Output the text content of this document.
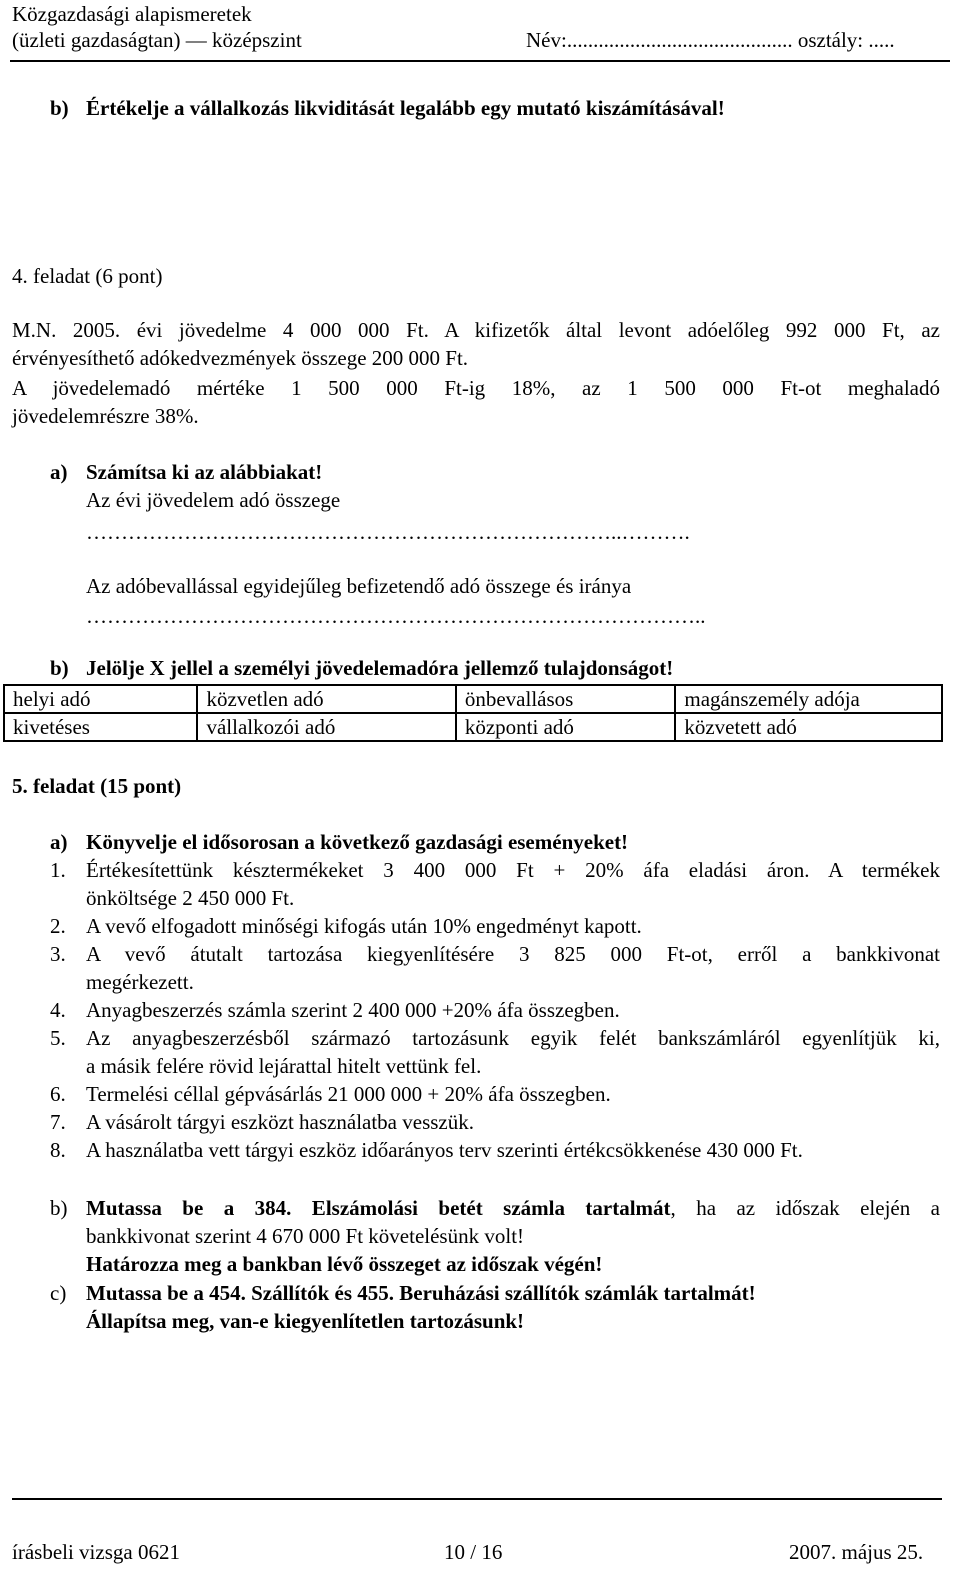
Közgazdasági alapismeretek
(üzleti gazdaságtan) — középszint	Név:........................................... osztály: .....
b) Értékelje a vállalkozás likviditását legalább egy mutató kiszámításával!
4. feladat (6 pont)
M.N. 2005. évi jövedelme 4 000 000 Ft. A kifizetők által levont adóelőleg 992 000 Ft, az
érvényesíthető adókedvezmények összege 200 000 Ft.
A jövedelemadó mértéke 1 500 000 Ft-ig 18%, az 1 500 000 Ft-ot meghaladó
jövedelemrészre 38%.
a) Számítsa ki az alábbiakat!
Az évi jövedelem adó összege
…………………………………………………………………..……….
Az adóbevallással egyidejűleg befizetendő adó összege és iránya
……………………………………………………………………………..
b) Jelölje X jellel a személyi jövedelemadóra jellemző tulajdonságot!
helyi adó	közvetlen adó	önbevallásos	magánszemély adója
kivetéses	vállalkozói adó	központi adó	közvetett adó
5. feladat (15 pont)
a) Könyvelje el idősorosan a következő gazdasági eseményeket!
1. Értékesítettünk késztermékeket 3 400 000 Ft + 20% áfa eladási áron. A termékek
önköltsége 2 450 000 Ft.
2. A vevő elfogadott minőségi kifogás után 10% engedményt kapott.
3. A vevő átutalt tartozása kiegyenlítésére 3 825 000 Ft-ot, erről a bankkivonat
megérkezett.
4. Anyagbeszerzés számla szerint 2 400 000 +20% áfa összegben.
5. Az anyagbeszerzésből származó tartozásunk egyik felét bankszámláról egyenlítjük ki,
a másik felére rövid lejárattal hitelt vettünk fel.
6. Termelési céllal gépvásárlás 21 000 000 + 20% áfa összegben.
7. A vásárolt tárgyi eszközt használatba vesszük.
8. A használatba vett tárgyi eszköz időarányos terv szerinti értékcsökkenése 430 000 Ft.
b) Mutassa be a 384. Elszámolási betét számla tartalmát, ha az időszak elején a
bankkivonat szerint 4 670 000 Ft követelésünk volt!
Határozza meg a bankban lévő összeget az időszak végén!
c) Mutassa be a 454. Szállítók és 455. Beruházási szállítók számlák tartalmát!
Állapítsa meg, van-e kiegyenlítetlen tartozásunk!
írásbeli vizsga 0621	10 / 16	2007. május 25.
